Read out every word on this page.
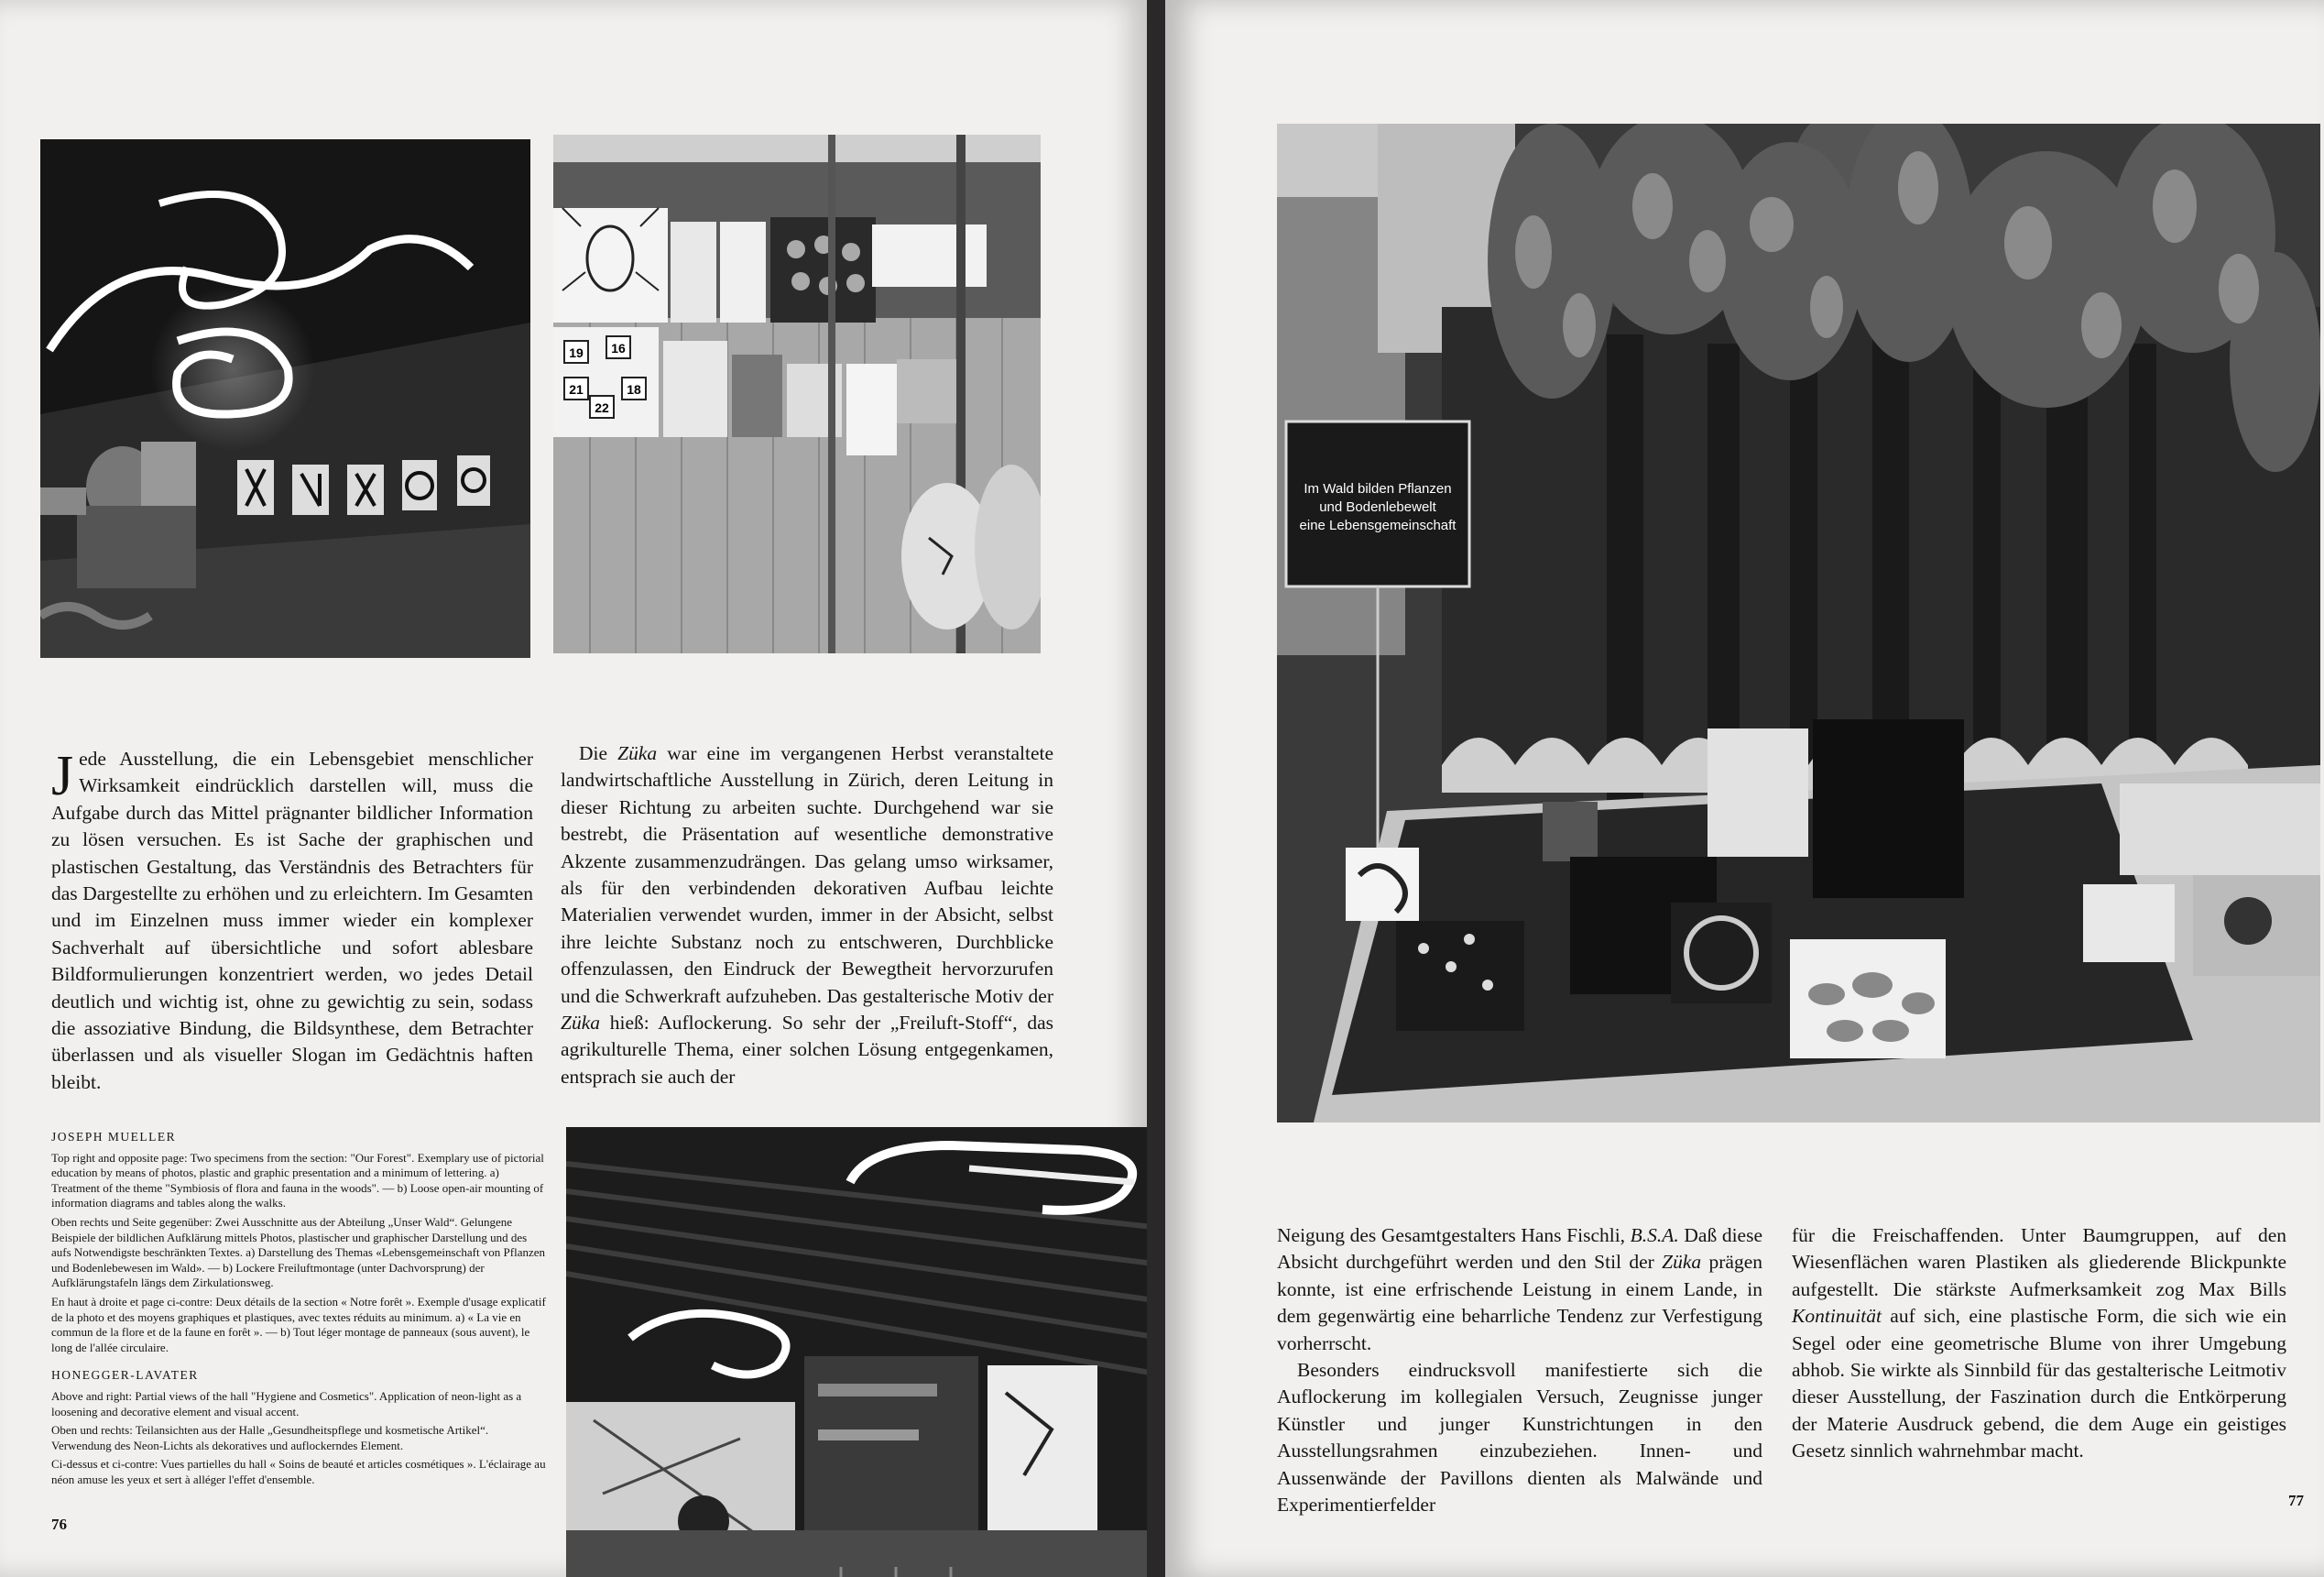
19 16
21
22
18

Jede Ausstellung, die ein Lebensgebiet menschlicher Wirksamkeit eindrücklich darstellen will, muss die Aufgabe durch das Mittel prägnanter bildlicher Information zu lösen versuchen. Es ist Sache der graphischen und plastischen Gestaltung, das Verständnis des Betrachters für das Dargestellte zu erhöhen und zu erleichtern. Im Gesamten und im Einzelnen muss immer wieder ein komplexer Sachverhalt auf übersichtliche und sofort ablesbare Bildformulierungen konzentriert werden, wo jedes Detail deutlich und wichtig ist, ohne zu gewichtig zu sein, sodass die assoziative Bindung, die Bildsynthese, dem Betrachter überlassen und als visueller Slogan im Gedächtnis haften bleibt.

Die Züka war eine im vergangenen Herbst veranstaltete landwirtschaftliche Ausstellung in Zürich, deren Leitung in dieser Richtung zu arbeiten suchte. Durchgehend war sie bestrebt, die Präsentation auf wesentliche demonstrative Akzente zusammenzudrängen. Das gelang umso wirksamer, als für den verbindenden dekorativen Aufbau leichte Materialien verwendet wurden, immer in der Absicht, selbst ihre leichte Substanz noch zu entschweren, Durchblicke offenzulassen, den Eindruck der Bewegtheit hervorzurufen und die Schwerkraft aufzuheben. Das gestalterische Motiv der Züka hieß: Auflockerung. So sehr der „Freiluft-Stoff“, das agrikulturelle Thema, einer solchen Lösung entgegenkamen, entsprach sie auch der

JOSEPH MUELLER

Top right and opposite page: Two specimens from the section: "Our Forest". Exemplary use of pictorial education by means of photos, plastic and graphic presentation and a minimum of lettering. a) Treatment of the theme "Symbiosis of flora and fauna in the woods". — b) Loose open-air mounting of information diagrams and tables along the walks.

Oben rechts und Seite gegenüber: Zwei Ausschnitte aus der Abteilung „Unser Wald“. Gelungene Beispiele der bildlichen Aufklärung mittels Photos, plastischer und graphischer Darstellung und des aufs Notwendigste beschränkten Textes. a) Darstellung des Themas «Lebensgemeinschaft von Pflanzen und Bodenlebewesen im Wald». — b) Lockere Freiluftmontage (unter Dachvorsprung) der Aufklärungstafeln längs dem Zirkulationsweg.

En haut à droite et page ci-contre: Deux détails de la section « Notre forêt ». Exemple d'usage explicatif de la photo et des moyens graphiques et plastiques, avec textes réduits au minimum. a) « La vie en commun de la flore et de la faune en forêt ». — b) Tout léger montage de panneaux (sous auvent), le long de l'allée circulaire.

HONEGGER-LAVATER

Above and right: Partial views of the hall "Hygiene and Cosmetics". Application of neon-light as a loosening and decorative element and visual accent.

Oben und rechts: Teilansichten aus der Halle „Gesundheitspflege und kosmetische Artikel“. Verwendung des Neon-Lichts als dekoratives und auflockerndes Element.

Ci-dessus et ci-contre: Vues partielles du hall « Soins de beauté et articles cosmétiques ». L'éclairage au néon amuse les yeux et sert à alléger l'effet d'ensemble.

76
Im Wald bilden Pflanzen
und Bodenlebewelt
eine Lebensgemeinschaft

Neigung des Gesamtgestalters Hans Fischli, B.S.A. Daß diese Absicht durchgeführt werden und den Stil der Züka prägen konnte, ist eine erfrischende Leistung in einem Lande, in dem gegenwärtig eine beharrliche Tendenz zur Verfestigung vorherrscht.

Besonders eindrucksvoll manifestierte sich die Auflockerung im kollegialen Versuch, Zeugnisse junger Künstler und junger Kunstrichtungen in den Ausstellungsrahmen einzubeziehen. Innen- und Aussenwände der Pavillons dienten als Malwände und Experimentierfelder

für die Freischaffenden. Unter Baumgruppen, auf den Wiesenflächen waren Plastiken als gliederende Blickpunkte aufgestellt. Die stärkste Aufmerksamkeit zog Max Bills Kontinuität auf sich, eine plastische Form, die sich wie ein Segel oder eine geometrische Blume von ihrer Umgebung abhob. Sie wirkte als Sinnbild für das gestalterische Leitmotiv dieser Ausstellung, der Faszination durch die Entkörperung der Materie Ausdruck gebend, die dem Auge ein geistiges Gesetz sinnlich wahrnehmbar macht.

77
